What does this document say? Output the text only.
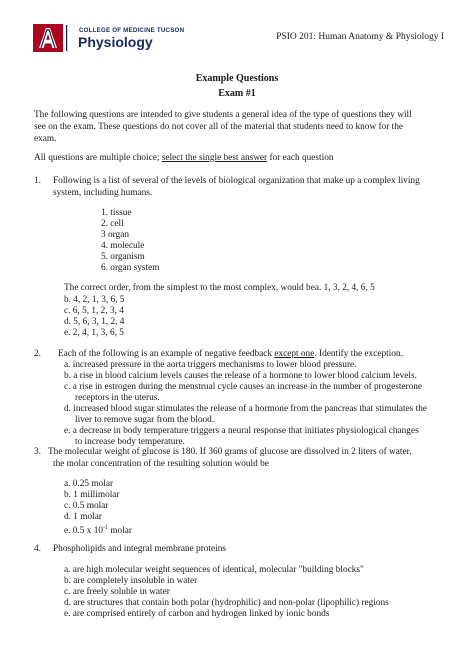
COLLEGE OF MEDICINE TUCSON
Physiology	PSIO 201: Human Anatomy & Physiology I
Example Questions
Exam #1
The following questions are intended to give students a general idea of the type of questions they will
see on the exam. These questions do not cover all of the material that students need to know for the
exam.
All questions are multiple choice; select the single best answer for each question
1. Following is a list of several of the levels of biological organization that make up a complex living
system, including humans.
1. tissue
2. cell
3 organ
4. molecule
5. organism
6. organ system
The correct order, from the simplest to the most complex, would bea. 1, 3, 2, 4, 6, 5
b. 4, 2, 1, 3, 6, 5
c. 6, 5, 1, 2, 3, 4
d. 5, 6, 3, 1, 2, 4
e. 2, 4, 1, 3, 6, 5
2. Each of the following is an example of negative feedback except one. Identify the exception.
a. increased pressure in the aorta triggers mechanisms to lower blood pressure.
b. a rise in blood calcium levels causes the release of a hormone to lower blood calcium levels.
c. a rise in estrogen during the menstrual cycle causes an increase in the number of progesterone
receptors in the uterus.
d. increased blood sugar stimulates the release of a hormone from the pancreas that stimulates the
liver to remove sugar from the blood.
e. a decrease in body temperature triggers a neural response that initiates physiological changes
to increase body temperature.
3. The molecular weight of glucose is 180. If 360 grams of glucose are dissolved in 2 liters of water,
the molar concentration of the resulting solution would be
a. 0.25 molar
b. 1 millimolar
c. 0.5 molar
d. 1 molar
e. 0.5 x $10^{-1}$ molar
4. Phospholipids and integral membrane proteins
a. are high molecular weight sequences of identical, molecular "building blocks"
b. are completely insoluble in water
c. are freely soluble in water
d. are structures that contain both polar (hydrophilic) and non-polar (lipophilic) regions
e. are comprised entirely of carbon and hydrogen linked by ionic bonds
